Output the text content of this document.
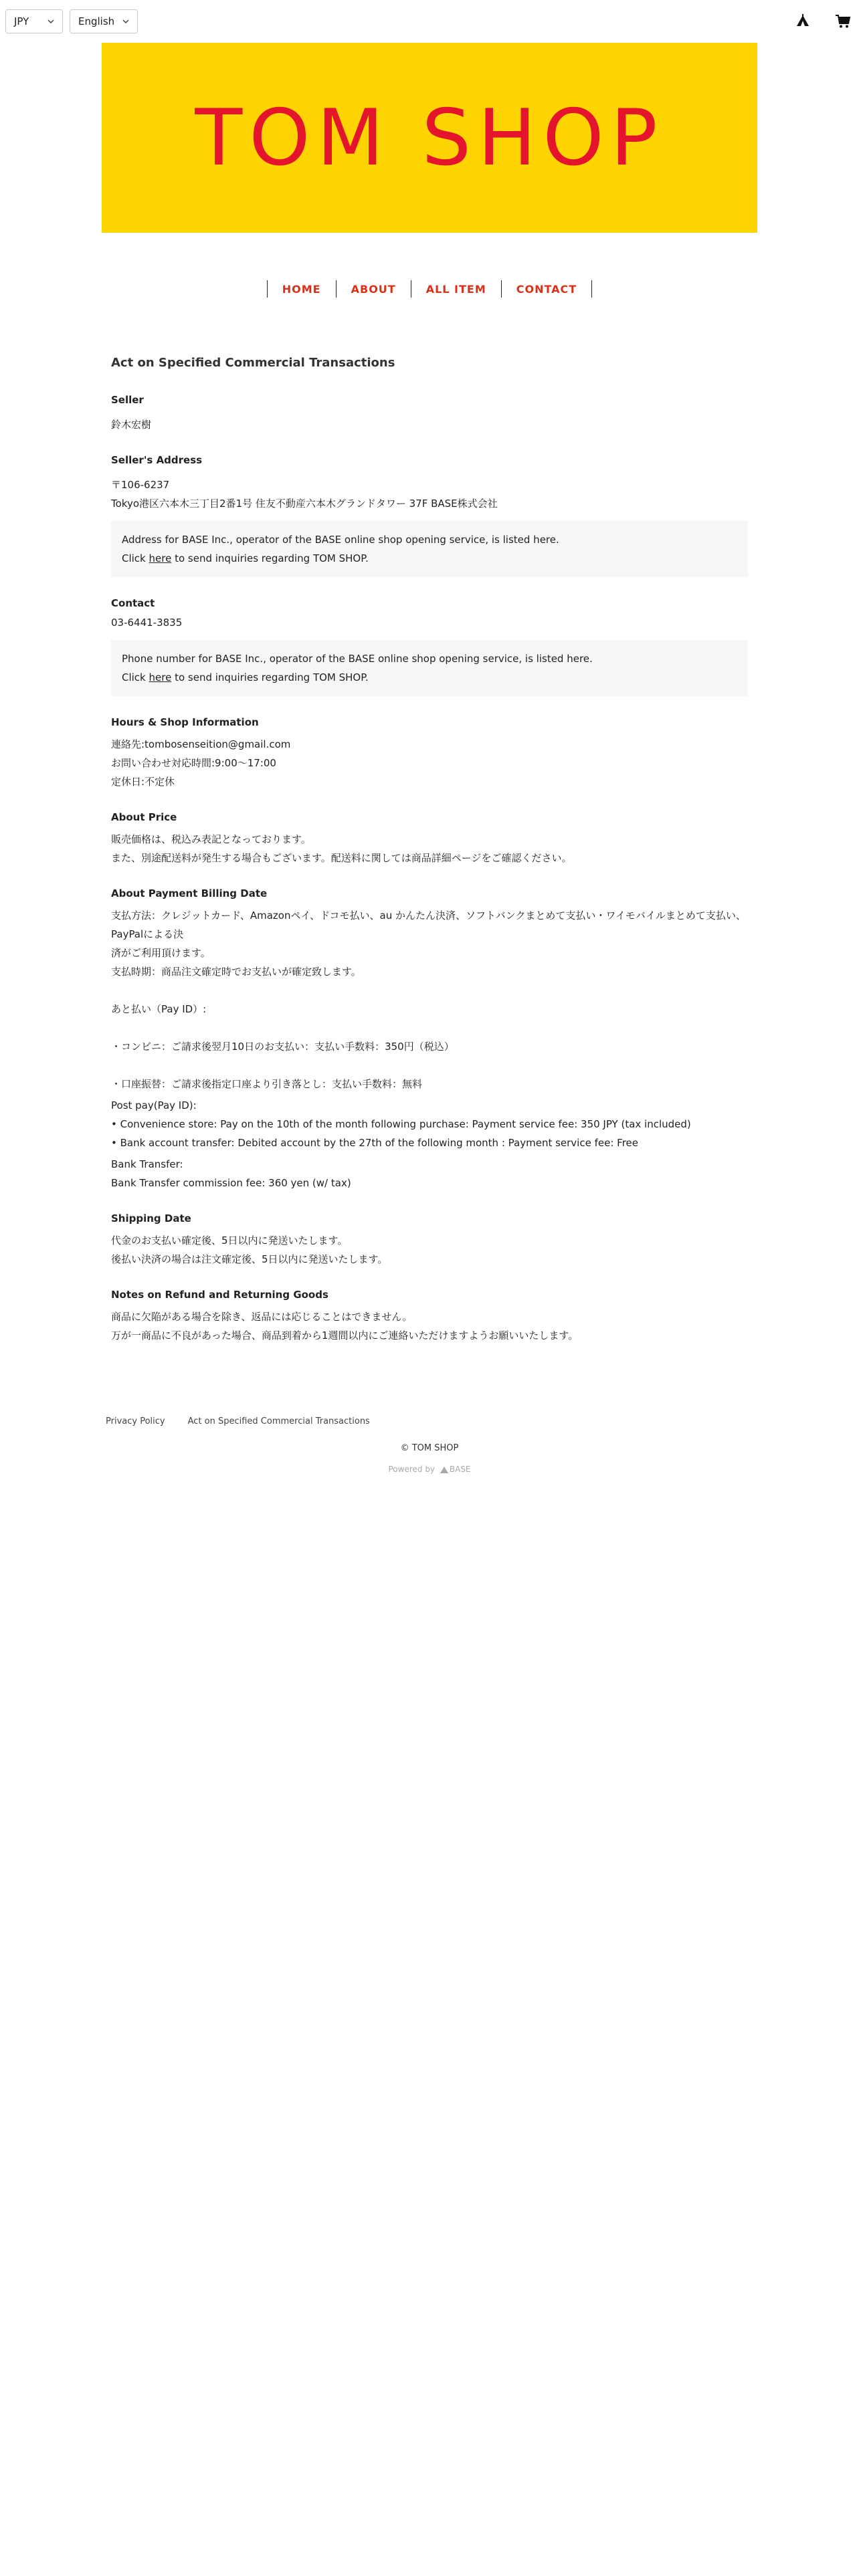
JPY	English
TOM SHOP
HOME	ABOUT	ALL ITEM	CONTACT
Act on Specified Commercial Transactions
Seller

鈴木宏樹

Seller's Address

〒106-6237

Tokyo港区六本木三丁目2番1号 住友不動産六本木グランドタワー 37F BASE株式会社

Address for BASE Inc., operator of the BASE online shop opening service, is listed here.
Click here to send inquiries regarding TOM SHOP.
Contact

03-6441-3835

Phone number for BASE Inc., operator of the BASE online shop opening service, is listed here.
Click here to send inquiries regarding TOM SHOP.
Hours & Shop Information

連絡先:tombosenseition@gmail.com

お問い合わせ対応時間:9:00～17:00

定休日:不定休

About Price

販売価格は、税込み表記となっております。

また、別途配送料が発生する場合もございます。配送料に関しては商品詳細ページをご確認ください。

About Payment Billing Date

支払方法：クレジットカード、Amazonペイ、ドコモ払い、au かんたん決済、ソフトバンクまとめて支払い・ワイモバイルまとめて支払い、PayPalによる決

済がご利用頂けます。

支払時期：商品注文確定時でお支払いが確定致します。

あと払い（Pay ID）:

・コンビニ：ご請求後翌月10日のお支払い：支払い手数料：350円（税込）

・口座振替：ご請求後指定口座より引き落とし：支払い手数料：無料

Post pay(Pay ID):

• Convenience store: Pay on the 10th of the month following purchase: Payment service fee: 350 JPY (tax included)

• Bank account transfer: Debited account by the 27th of the following month : Payment service fee: Free

Bank Transfer:

Bank Transfer commission fee: 360 yen (w/ tax)

Shipping Date

代金のお支払い確定後、5日以内に発送いたします。

後払い決済の場合は注文確定後、5日以内に発送いたします。

Notes on Refund and Returning Goods

商品に欠陥がある場合を除き、返品には応じることはできません。

万が一商品に不良があった場合、商品到着から1週間以内にご連絡いただけますようお願いいたします。

Privacy Policy	Act on Specified Commercial Transactions
© TOM SHOP
Powered by BASE
